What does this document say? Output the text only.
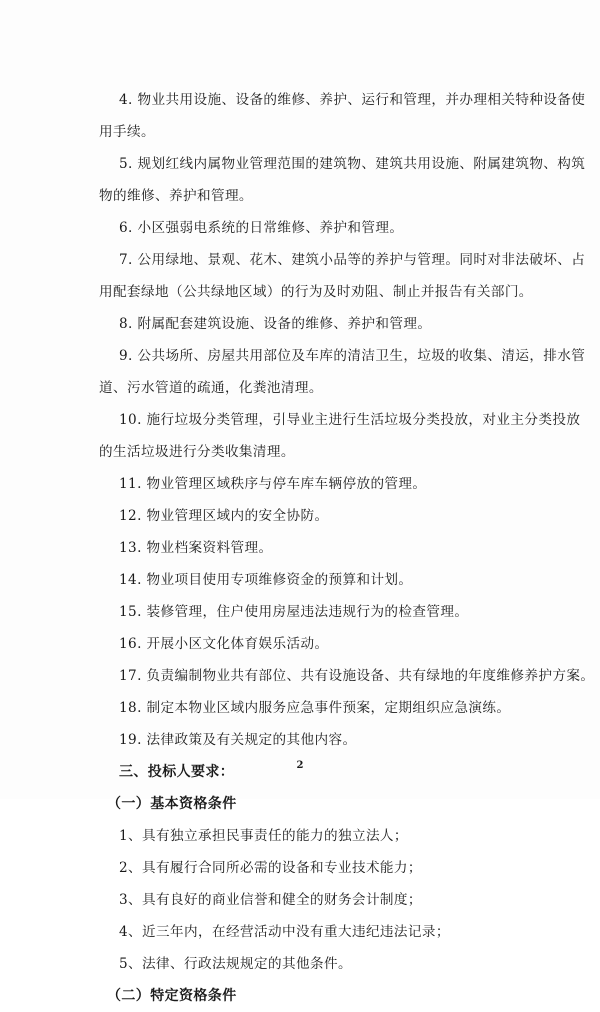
4. 物业共用设施、设备的维修、养护、运行和管理，并办理相关特种设备使
用手续。
5. 规划红线内属物业管理范围的建筑物、建筑共用设施、附属建筑物、构筑
物的维修、养护和管理。
6. 小区强弱电系统的日常维修、养护和管理。
7. 公用绿地、景观、花木、建筑小品等的养护与管理。同时对非法破坏、占
用配套绿地（公共绿地区域）的行为及时劝阻、制止并报告有关部门。
8. 附属配套建筑设施、设备的维修、养护和管理。
9. 公共场所、房屋共用部位及车库的清洁卫生，垃圾的收集、清运，排水管
道、污水管道的疏通，化粪池清理。
10. 施行垃圾分类管理，引导业主进行生活垃圾分类投放，对业主分类投放
的生活垃圾进行分类收集清理。
11. 物业管理区域秩序与停车库车辆停放的管理。
12. 物业管理区域内的安全协防。
13. 物业档案资料管理。
14. 物业项目使用专项维修资金的预算和计划。
15. 装修管理，住户使用房屋违法违规行为的检查管理。
16. 开展小区文化体育娱乐活动。
17. 负责编制物业共有部位、共有设施设备、共有绿地的年度维修养护方案。
18. 制定本物业区域内服务应急事件预案，定期组织应急演练。
19. 法律政策及有关规定的其他内容。
三、投标人要求：
（一）基本资格条件
1、具有独立承担民事责任的能力的独立法人；
2、具有履行合同所必需的设备和专业技术能力；
3、具有良好的商业信誉和健全的财务会计制度；
4、近三年内，在经营活动中没有重大违纪违法记录；
5、法律、行政法规规定的其他条件。
（二）特定资格条件
2
